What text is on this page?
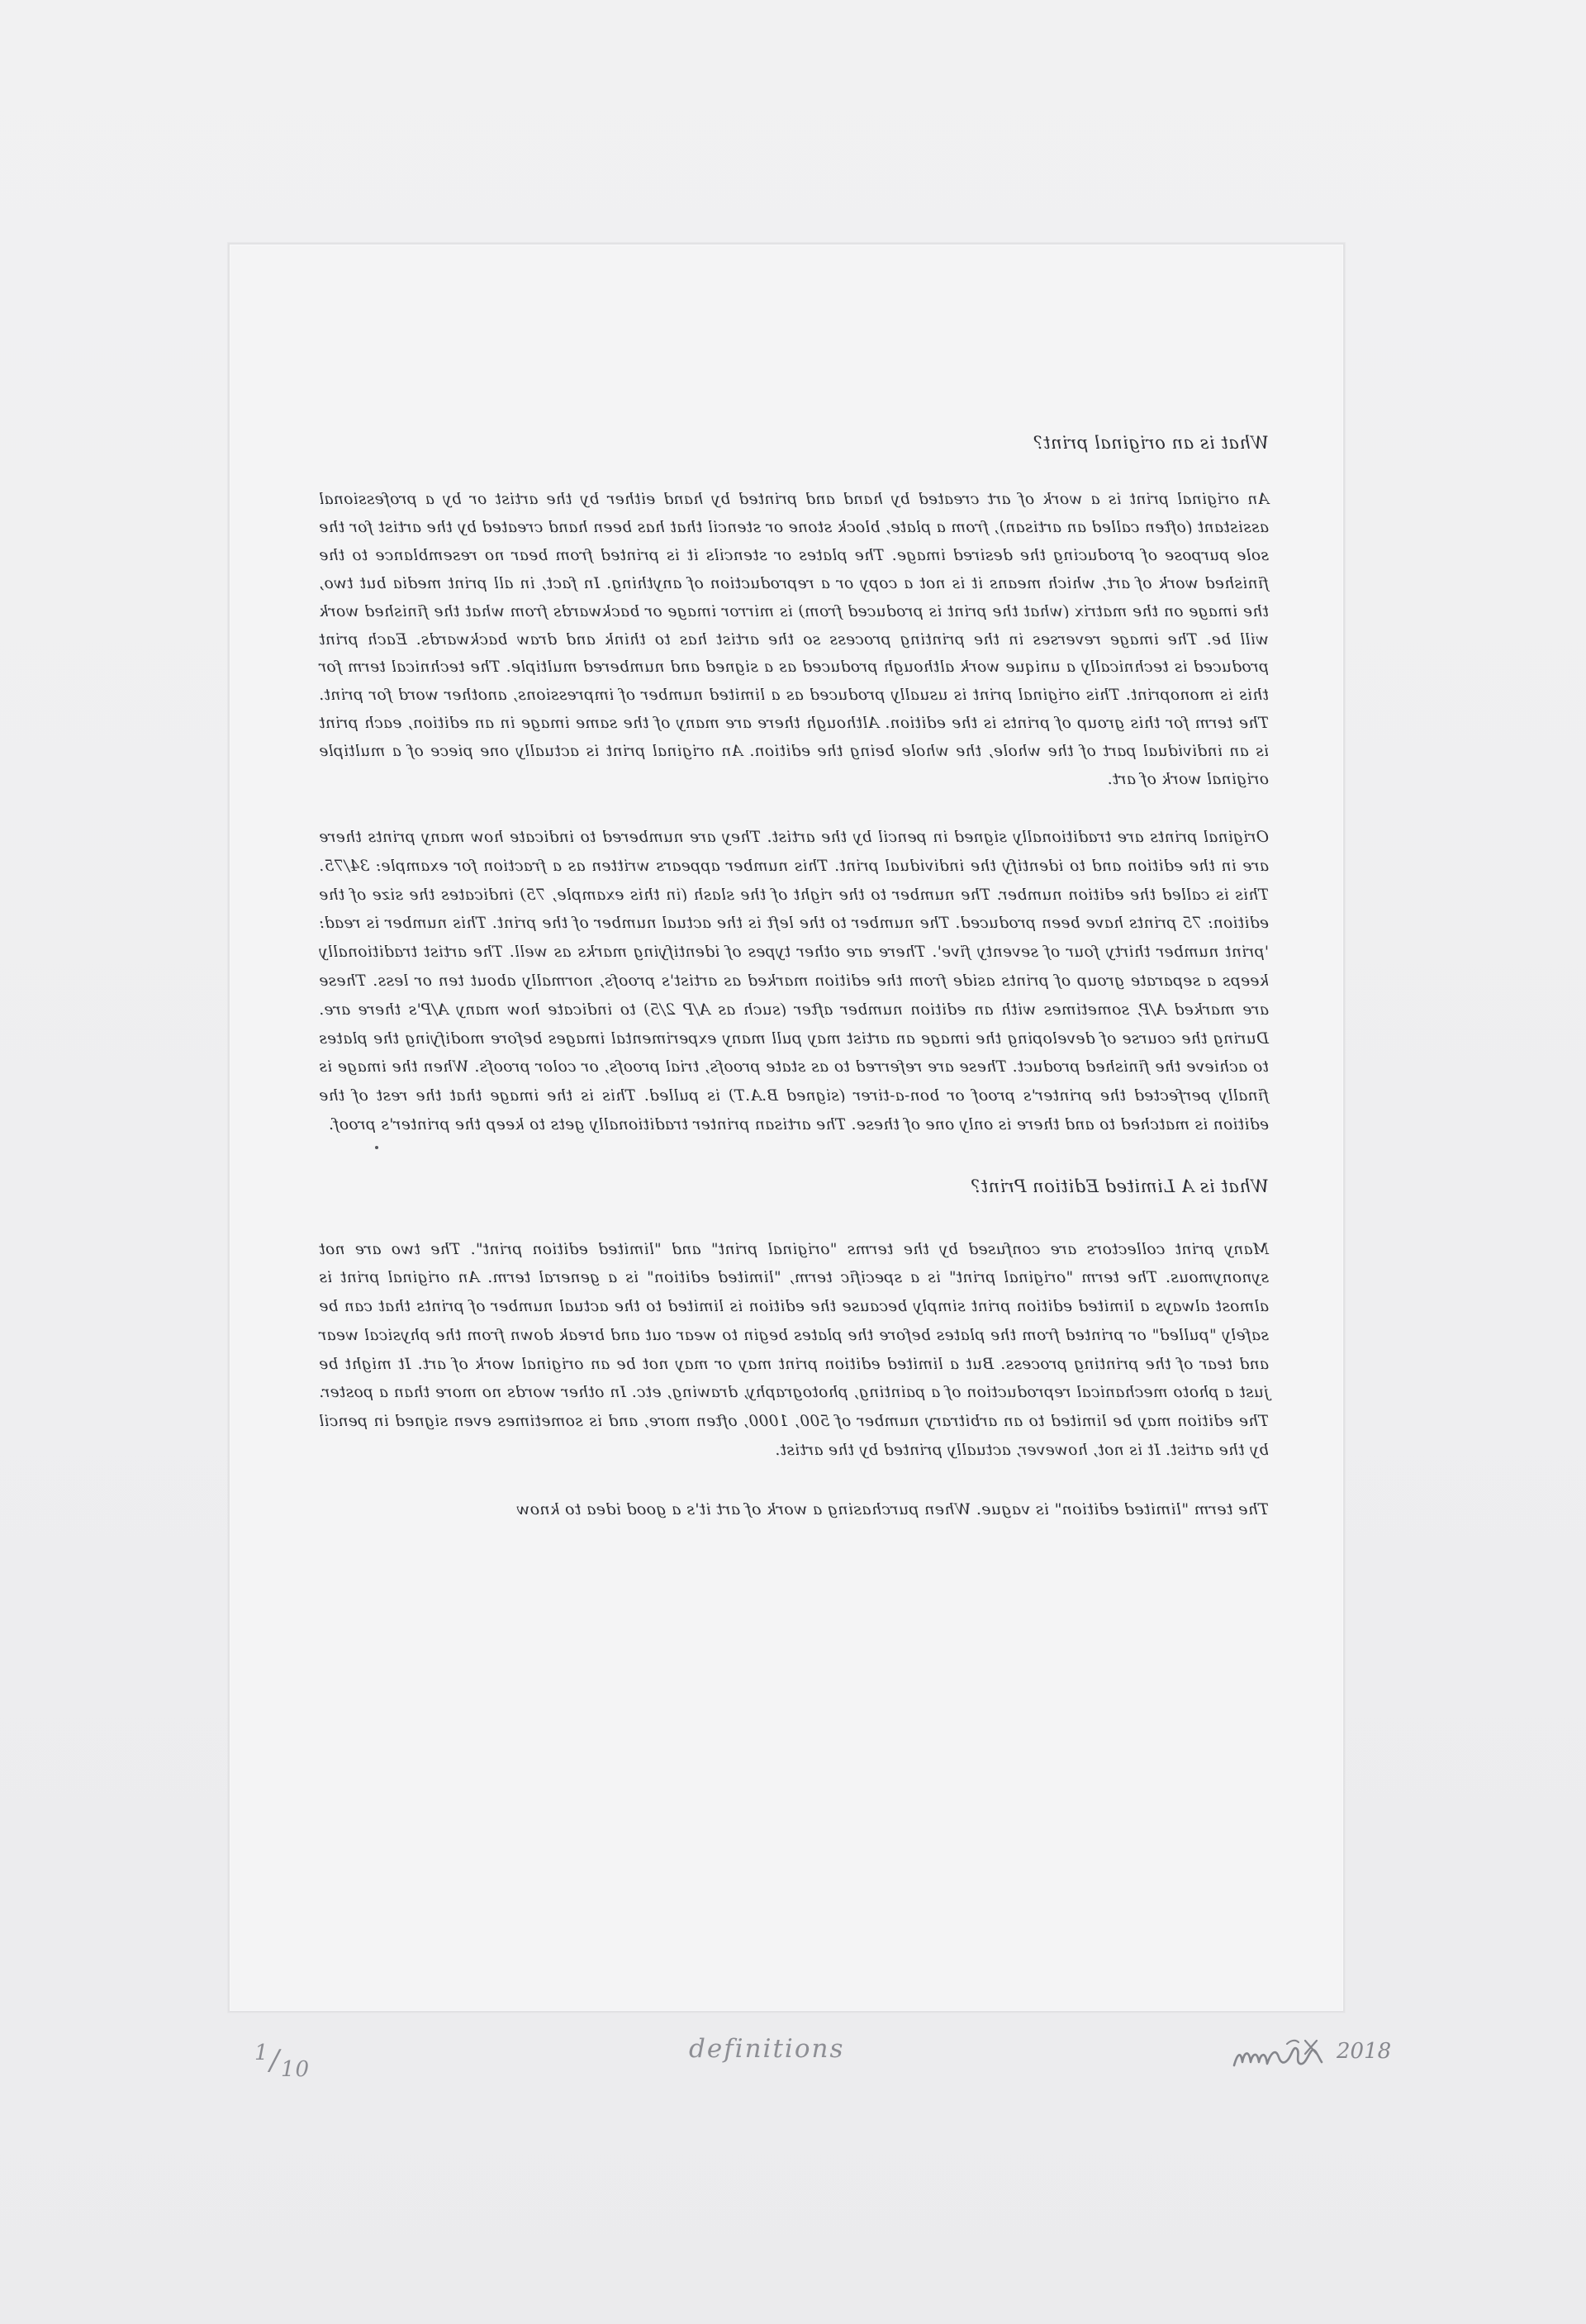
What is an original print?

An original print is a work of art created by hand and printed by hand either by the artist or by a professional assistant (often called an artisan), from a plate, block stone or stencil that has been hand created by the artist for the sole purpose of producing the desired image. The plates or stencils it is printed from bear no resemblance to the finished work of art, which means it is not a copy or a reproduction of anything. In fact, in all print media but two, the image on the matrix (what the print is produced from) is mirror image or backwards from what the finished work will be. The image reverses in the printing process so the artist has to think and draw backwards. Each print produced is technically a unique work although produced as a signed and numbered multiple. The technical term for this is monoprint. This original print is usually produced as a limited number of impressions, another word for print. The term for this group of prints is the edition. Although there are many of the same image in an edition, each print is an individual part of the whole, the whole being the edition. An original print is actually one piece of a multiple original work of art.

Original prints are traditionally signed in pencil by the artist. They are numbered to indicate how many prints there are in the edition and to identify the individual print. This number appears written as a fraction for example: 34/75. This is called the edition number. The number to the right of the slash (in this example, 75) indicates the size of the edition: 75 prints have been produced. The number to the left is the actual number of the print. This number is read: 'print number thirty four of seventy five'. There are other types of identifying marks as well. The artist traditionally keeps a separate group of prints aside from the edition marked as artist's proofs, normally about ten or less. These are marked A/P, sometimes with an edition number after (such as A/P 2/5) to indicate how many A/P's there are. During the course of developing the image an artist may pull many experimental images before modifying the plates to achieve the finished product. These are referred to as state proofs, trial proofs, or color proofs. When the image is finally perfected the printer's proof or bon-a-tirer (signed B.A.T) is pulled. This is the image that the rest of the edition is matched to and there is only one of these. The artisan printer traditionally gets to keep the printer's proof.

What is A Limited Edition Print?

Many print collectors are confused by the terms "original print" and "limited edition print". The two are not synonymous. The term "original print" is a specific term, "limited edition" is a general term. An original print is almost always a limited edition print simply because the edition is limited to the actual number of prints that can be safely "pulled" or printed from the plates before the plates begin to wear out and break down from the physical wear and tear of the printing process. But a limited edition print may or may not be an original work of art. It might be just a photo mechanical reproduction of a painting, photography, drawing, etc. In other words no more than a poster. The edition may be limited to an arbitrary number of 500, 1000, often more, and is sometimes even signed in pencil by the artist. It is not, however, actually printed by the artist.

The term "limited edition" is vague. When purchasing a work of art it's a good idea to know

1/10
definitions	2018
